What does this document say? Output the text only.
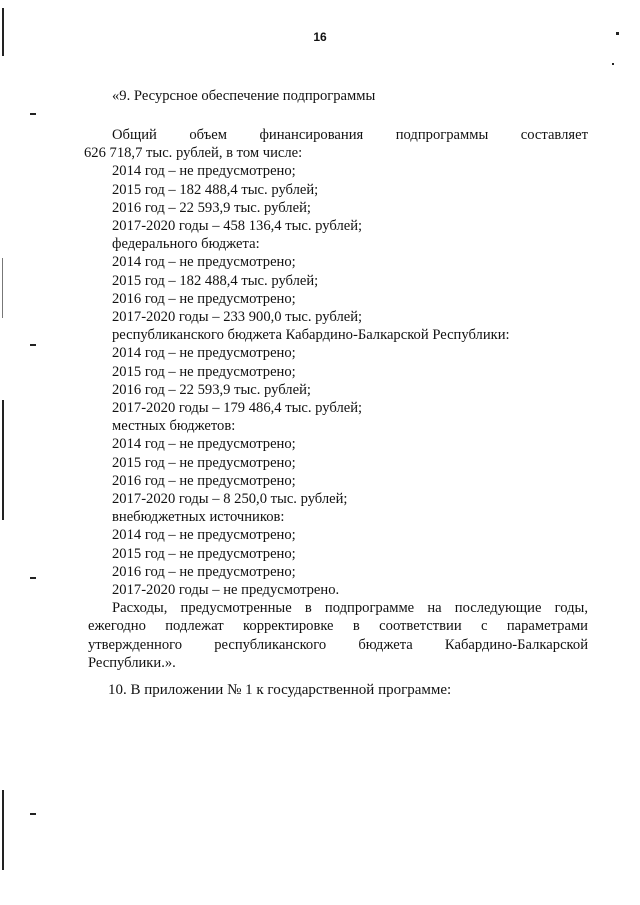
16
«9. Ресурсное обеспечение подпрограммы
Общий объем финансирования подпрограммы составляет
626 718,7 тыс. рублей, в том числе:
2014 год – не предусмотрено;
2015 год – 182 488,4 тыс. рублей;
2016 год – 22 593,9 тыс. рублей;
2017-2020 годы – 458 136,4 тыс. рублей;
федерального бюджета:
2014 год – не предусмотрено;
2015 год – 182 488,4 тыс. рублей;
2016 год – не предусмотрено;
2017-2020 годы – 233 900,0 тыс. рублей;
республиканского бюджета Кабардино-Балкарской Республики:
2014 год – не предусмотрено;
2015 год – не предусмотрено;
2016 год – 22 593,9 тыс. рублей;
2017-2020 годы – 179 486,4 тыс. рублей;
местных бюджетов:
2014 год – не предусмотрено;
2015 год – не предусмотрено;
2016 год – не предусмотрено;
2017-2020 годы – 8 250,0 тыс. рублей;
внебюджетных источников:
2014 год – не предусмотрено;
2015 год – не предусмотрено;
2016 год – не предусмотрено;
2017-2020 годы – не предусмотрено.
Расходы, предусмотренные в подпрограмме на последующие годы,
ежегодно подлежат корректировке в соответствии с параметрами
утвержденного республиканского бюджета Кабардино-Балкарской
Республики.».
10. В приложении № 1 к государственной программе:
